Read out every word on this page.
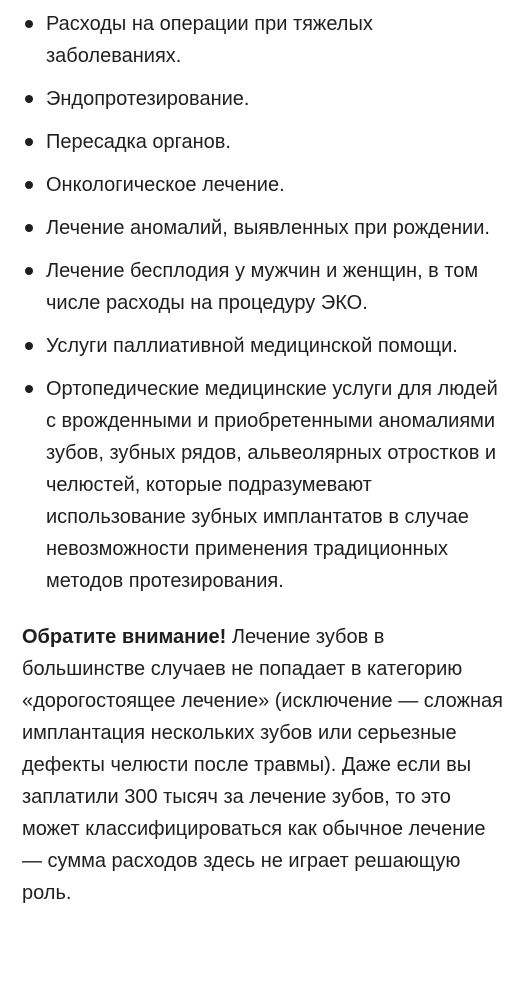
Расходы на операции при тяжелых заболеваниях.
Эндопротезирование.
Пересадка органов.
Онкологическое лечение.
Лечение аномалий, выявленных при рождении.
Лечение бесплодия у мужчин и женщин, в том числе расходы на процедуру ЭКО.
Услуги паллиативной медицинской помощи.
Ортопедические медицинские услуги для людей с врожденными и приобретенными аномалиями зубов, зубных рядов, альвеолярных отростков и челюстей, которые подразумевают использование зубных имплантатов в случае невозможности применения традиционных методов протезирования.

Обратите внимание! Лечение зубов в большинстве случаев не попадает в категорию «дорогостоящее лечение» (исключение — сложная имплантация нескольких зубов или серьезные дефекты челюсти после травмы). Даже если вы заплатили 300 тысяч за лечение зубов, то это может классифицироваться как обычное лечение — сумма расходов здесь не играет решающую роль.
